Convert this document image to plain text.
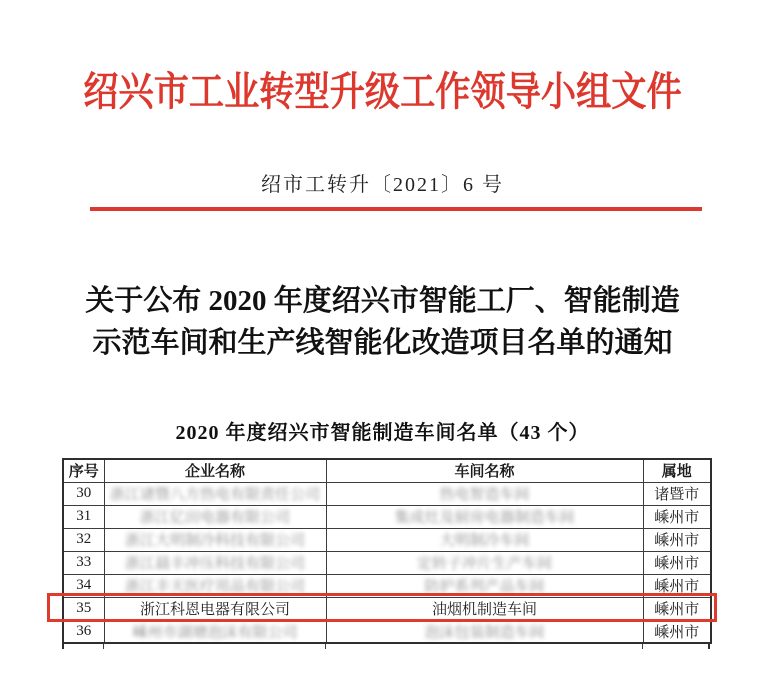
绍兴市工业转型升级工作领导小组文件
绍市工转升〔2021〕6 号
关于公布 2020 年度绍兴市智能工厂、智能制造
示范车间和生产线智能化改造项目名单的通知
2020 年度绍兴市智能制造车间名单（43 个）
序号	企业名称	车间名称	属地
30	浙江诸暨八方热电有限责任公司	热电智造车间	诸暨市
31	浙江亿田电器有限公司	集成灶及厨房电器制造车间	嵊州市
32	浙江大明制冷科技有限公司	大明制冷车间	嵊州市
33	浙江晨丰冲压科技有限公司	定转子冲片生产车间	嵊州市
34	浙江丰天医疗用品有限公司	防护系列产品车间	嵊州市
35	浙江科恩电器有限公司	油烟机制造车间	嵊州市
36	嵊州市湖塘泡沫有限公司	泡沫包装制造车间	嵊州市
